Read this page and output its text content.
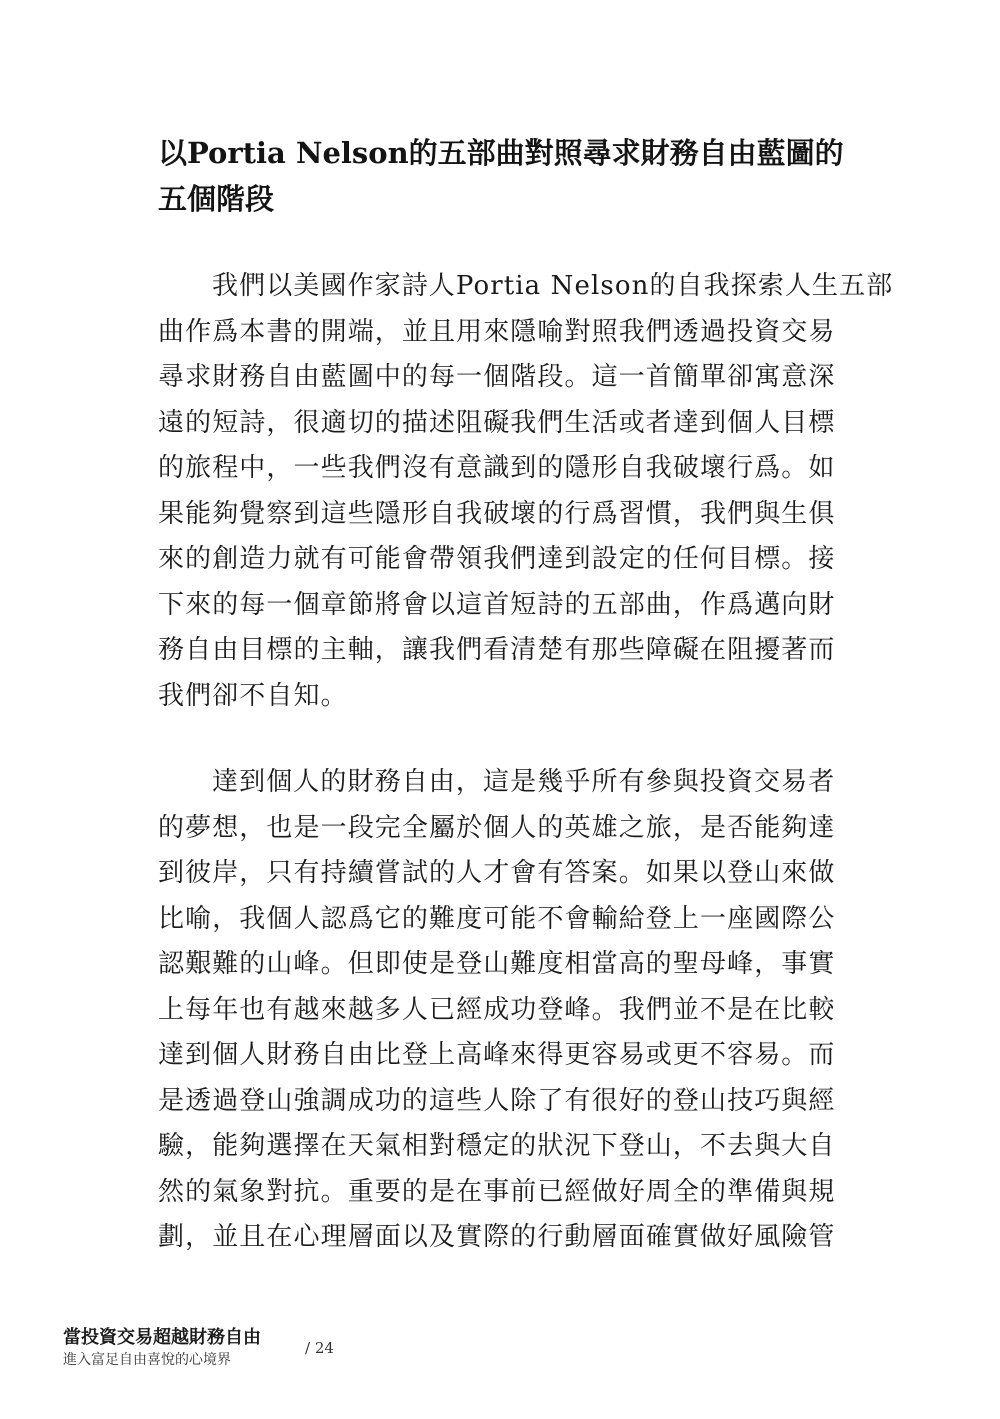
以Portia Nelson的五部曲對照尋求財務自由藍圖的
五個階段
我們以美國作家詩人Portia Nelson的自我探索人生五部
曲作爲本書的開端，並且用來隱喻對照我們透過投資交易
尋求財務自由藍圖中的每一個階段。這一首簡單卻寓意深
遠的短詩，很適切的描述阻礙我們生活或者達到個人目標
的旅程中，一些我們沒有意識到的隱形自我破壞行爲。如
果能夠覺察到這些隱形自我破壞的行爲習慣，我們與生俱
來的創造力就有可能會帶領我們達到設定的任何目標。接
下來的每一個章節將會以這首短詩的五部曲，作爲邁向財
務自由目標的主軸，讓我們看清楚有那些障礙在阻擾著而
我們卻不自知。
達到個人的財務自由，這是幾乎所有參與投資交易者
的夢想，也是一段完全屬於個人的英雄之旅，是否能夠達
到彼岸，只有持續嘗試的人才會有答案。如果以登山來做
比喻，我個人認爲它的難度可能不會輸給登上一座國際公
認艱難的山峰。但即使是登山難度相當高的聖母峰，事實
上每年也有越來越多人已經成功登峰。我們並不是在比較
達到個人財務自由比登上高峰來得更容易或更不容易。而
是透過登山強調成功的這些人除了有很好的登山技巧與經
驗，能夠選擇在天氣相對穩定的狀況下登山，不去與大自
然的氣象對抗。重要的是在事前已經做好周全的準備與規
劃，並且在心理層面以及實際的行動層面確實做好風險管
當投資交易超越財務自由
進入富足自由喜悅的心境界
/ 24
